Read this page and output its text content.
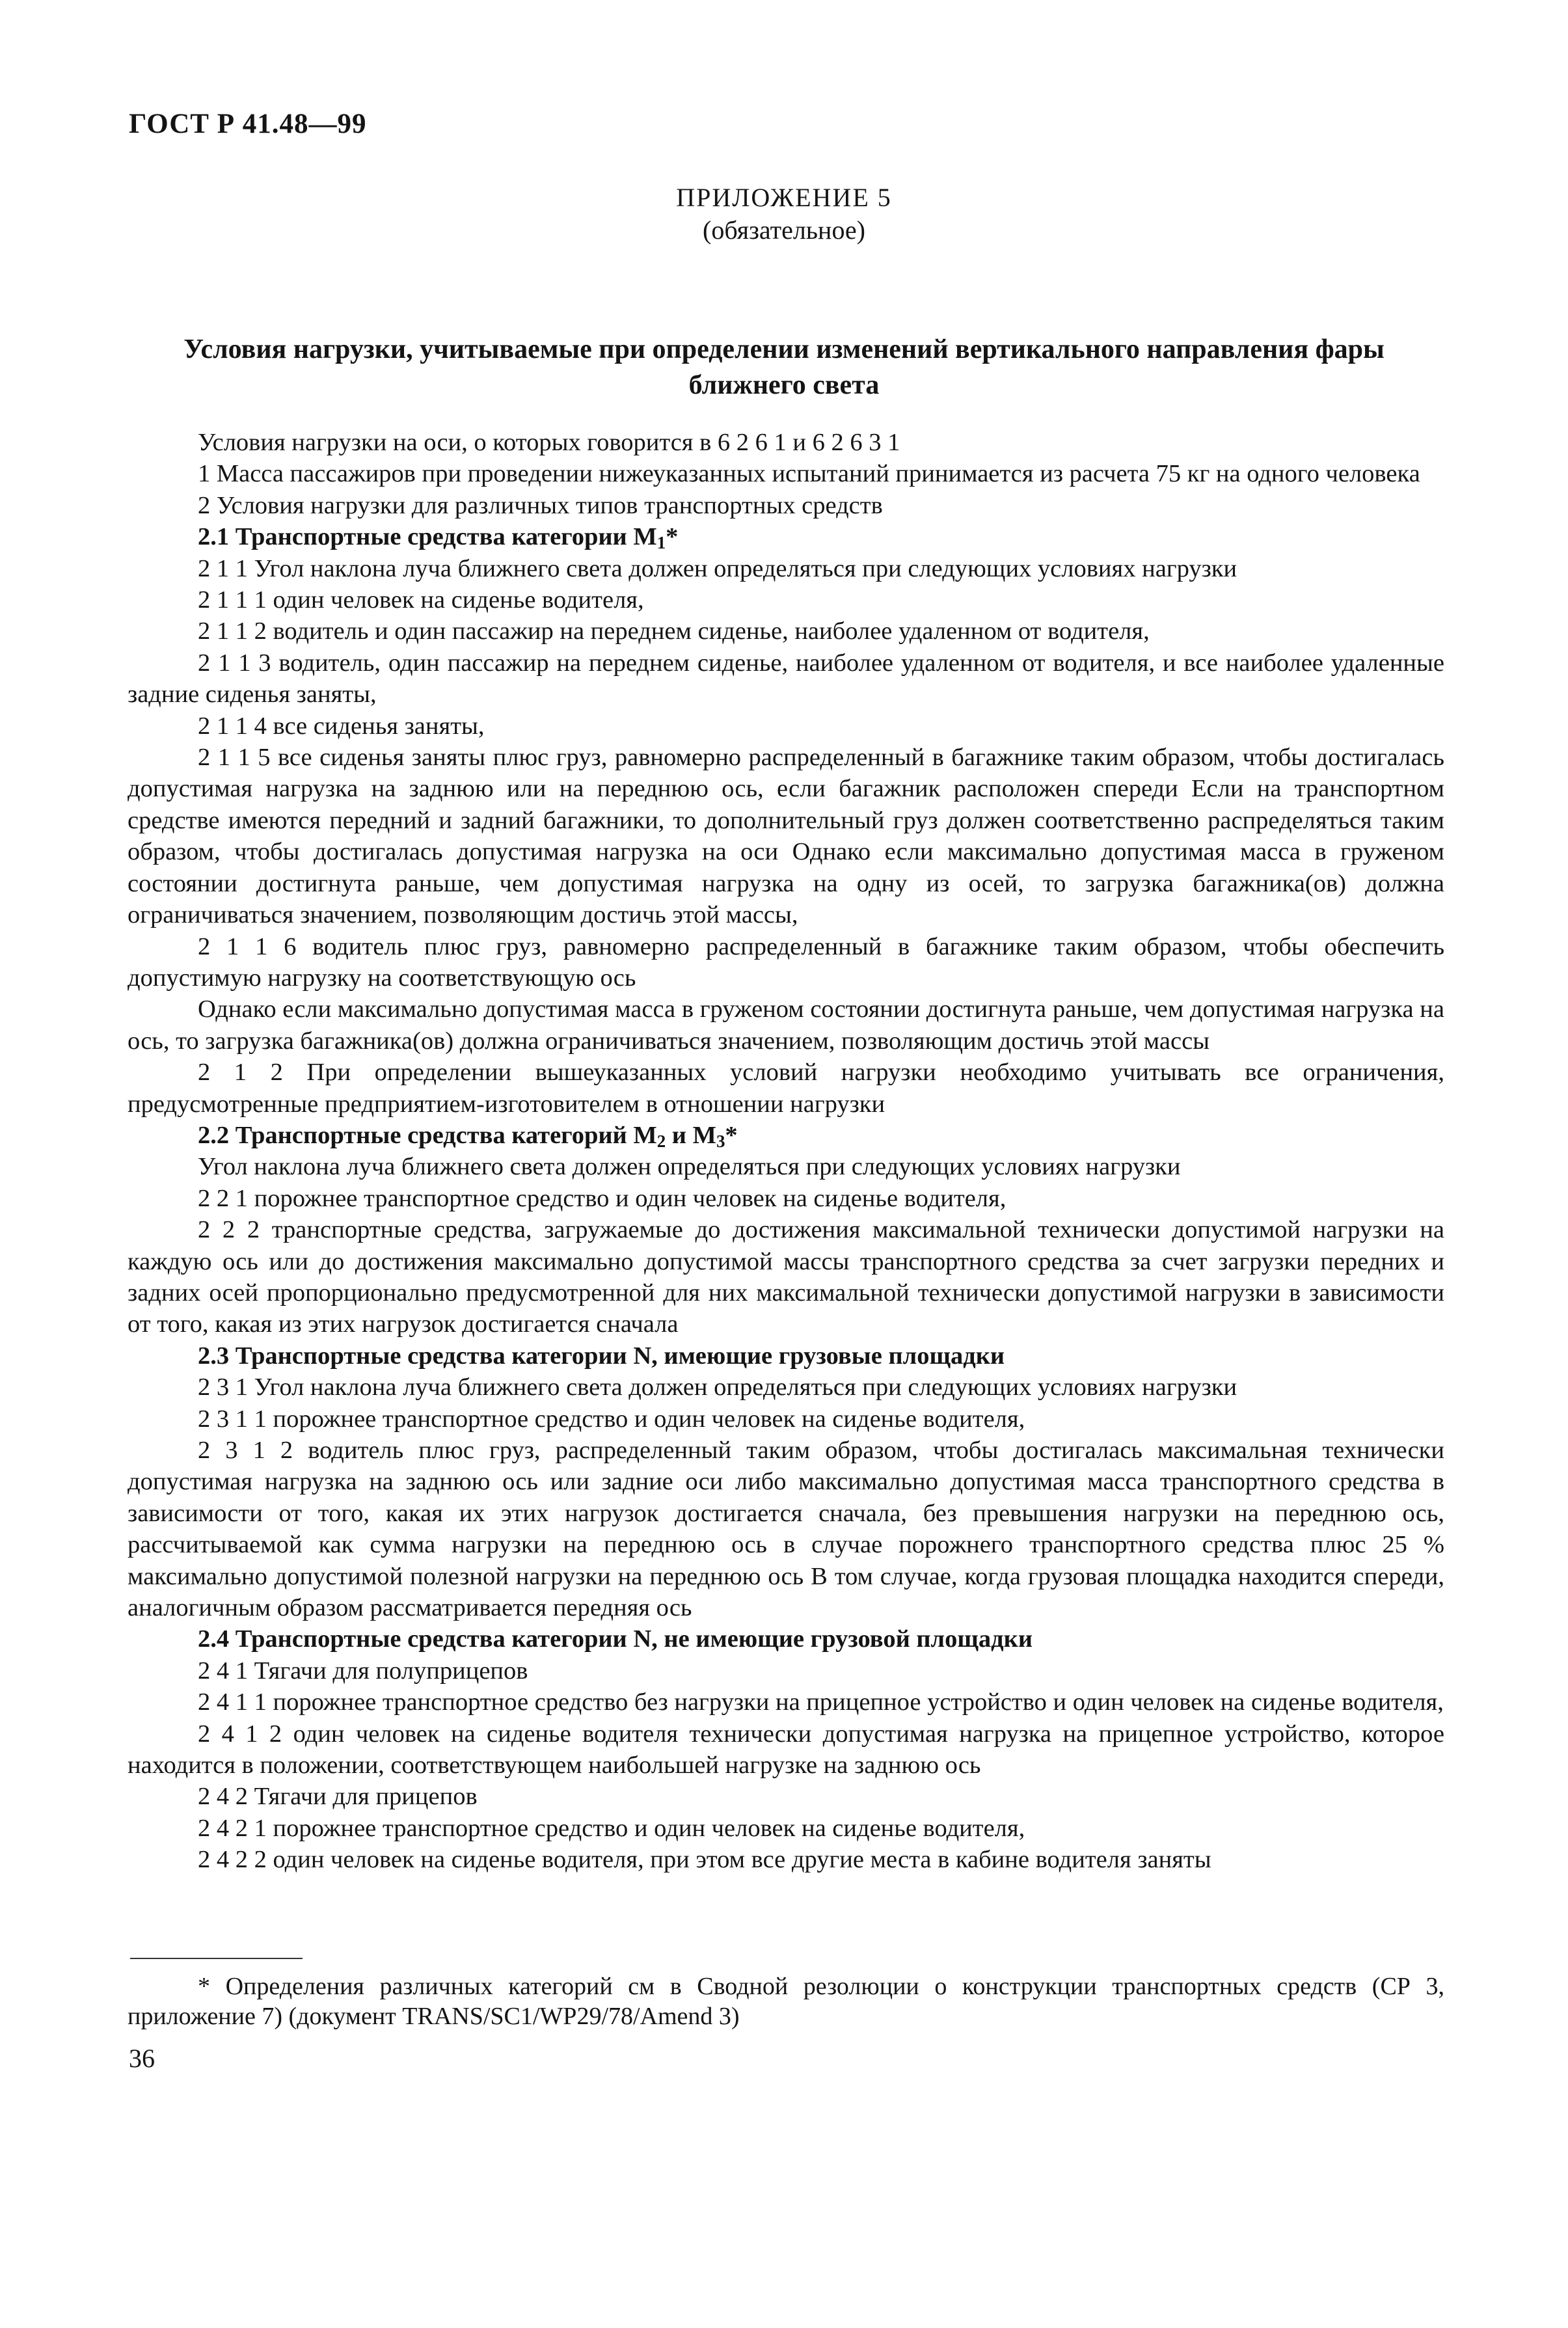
ГОСТ Р 41.48—99
ПРИЛОЖЕНИЕ 5
(обязательное)
Условия нагрузки, учитываемые при определении изменений вертикального направления фары ближнего света

Условия нагрузки на оси, о которых говорится в 6 2 6 1 и 6 2 6 3 1

1 Масса пассажиров при проведении нижеуказанных испытаний принимается из расчета 75 кг на одного человека

2 Условия нагрузки для различных типов транспортных средств

2.1 Транспортные средства категории $M_1*$

2 1 1 Угол наклона луча ближнего света должен определяться при следующих условиях нагрузки

2 1 1 1 один человек на сиденье водителя,

2 1 1 2 водитель и один пассажир на переднем сиденье, наиболее удаленном от водителя,

2 1 1 3 водитель, один пассажир на переднем сиденье, наиболее удаленном от водителя, и все наиболее удаленные задние сиденья заняты,

2 1 1 4 все сиденья заняты,

2 1 1 5 все сиденья заняты плюс груз, равномерно распределенный в багажнике таким образом, чтобы достигалась допустимая нагрузка на заднюю или на переднюю ось, если багажник расположен спереди Если на транспортном средстве имеются передний и задний багажники, то дополнительный груз должен соответственно распределяться таким образом, чтобы достигалась допустимая нагрузка на оси Однако если максимально допустимая масса в груженом состоянии достигнута раньше, чем допустимая нагрузка на одну из осей, то загрузка багажника(ов) должна ограничиваться значением, позволяющим достичь этой массы,

2 1 1 6 водитель плюс груз, равномерно распределенный в багажнике таким образом, чтобы обеспечить допустимую нагрузку на соответствующую ось

Однако если максимально допустимая масса в груженом состоянии достигнута раньше, чем допустимая нагрузка на ось, то загрузка багажника(ов) должна ограничиваться значением, позволяющим достичь этой массы

2 1 2 При определении вышеуказанных условий нагрузки необходимо учитывать все ограничения, предусмотренные предприятием-изготовителем в отношении нагрузки

2.2 Транспортные средства категорий $M_2$ и $M_3*$

Угол наклона луча ближнего света должен определяться при следующих условиях нагрузки

2 2 1 порожнее транспортное средство и один человек на сиденье водителя,

2 2 2 транспортные средства, загружаемые до достижения максимальной технически допустимой нагрузки на каждую ось или до достижения максимально допустимой массы транспортного средства за счет загрузки передних и задних осей пропорционально предусмотренной для них максимальной технически допустимой нагрузки в зависимости от того, какая из этих нагрузок достигается сначала

2.3 Транспортные средства категории N, имеющие грузовые площадки

2 3 1 Угол наклона луча ближнего света должен определяться при следующих условиях нагрузки

2 3 1 1 порожнее транспортное средство и один человек на сиденье водителя,

2 3 1 2 водитель плюс груз, распределенный таким образом, чтобы достигалась максимальная технически допустимая нагрузка на заднюю ось или задние оси либо максимально допустимая масса транспортного средства в зависимости от того, какая их этих нагрузок достигается сначала, без превышения нагрузки на переднюю ось, рассчитываемой как сумма нагрузки на переднюю ось в случае порожнего транспортного средства плюс 25 % максимально допустимой полезной нагрузки на переднюю ось В том случае, когда грузовая площадка находится спереди, аналогичным образом рассматривается передняя ось

2.4 Транспортные средства категории N, не имеющие грузовой площадки

2 4 1 Тягачи для полуприцепов

2 4 1 1 порожнее транспортное средство без нагрузки на прицепное устройство и один человек на сиденье водителя,

2 4 1 2 один человек на сиденье водителя технически допустимая нагрузка на прицепное устройство, которое находится в положении, соответствующем наибольшей нагрузке на заднюю ось

2 4 2 Тягачи для прицепов

2 4 2 1 порожнее транспортное средство и один человек на сиденье водителя,

2 4 2 2 один человек на сиденье водителя, при этом все другие места в кабине водителя заняты

* Определения различных категорий см в Сводной резолюции о конструкции транспортных средств (СР 3, приложение 7) (документ TRANS/SC1/WP29/78/Amend 3)
36
